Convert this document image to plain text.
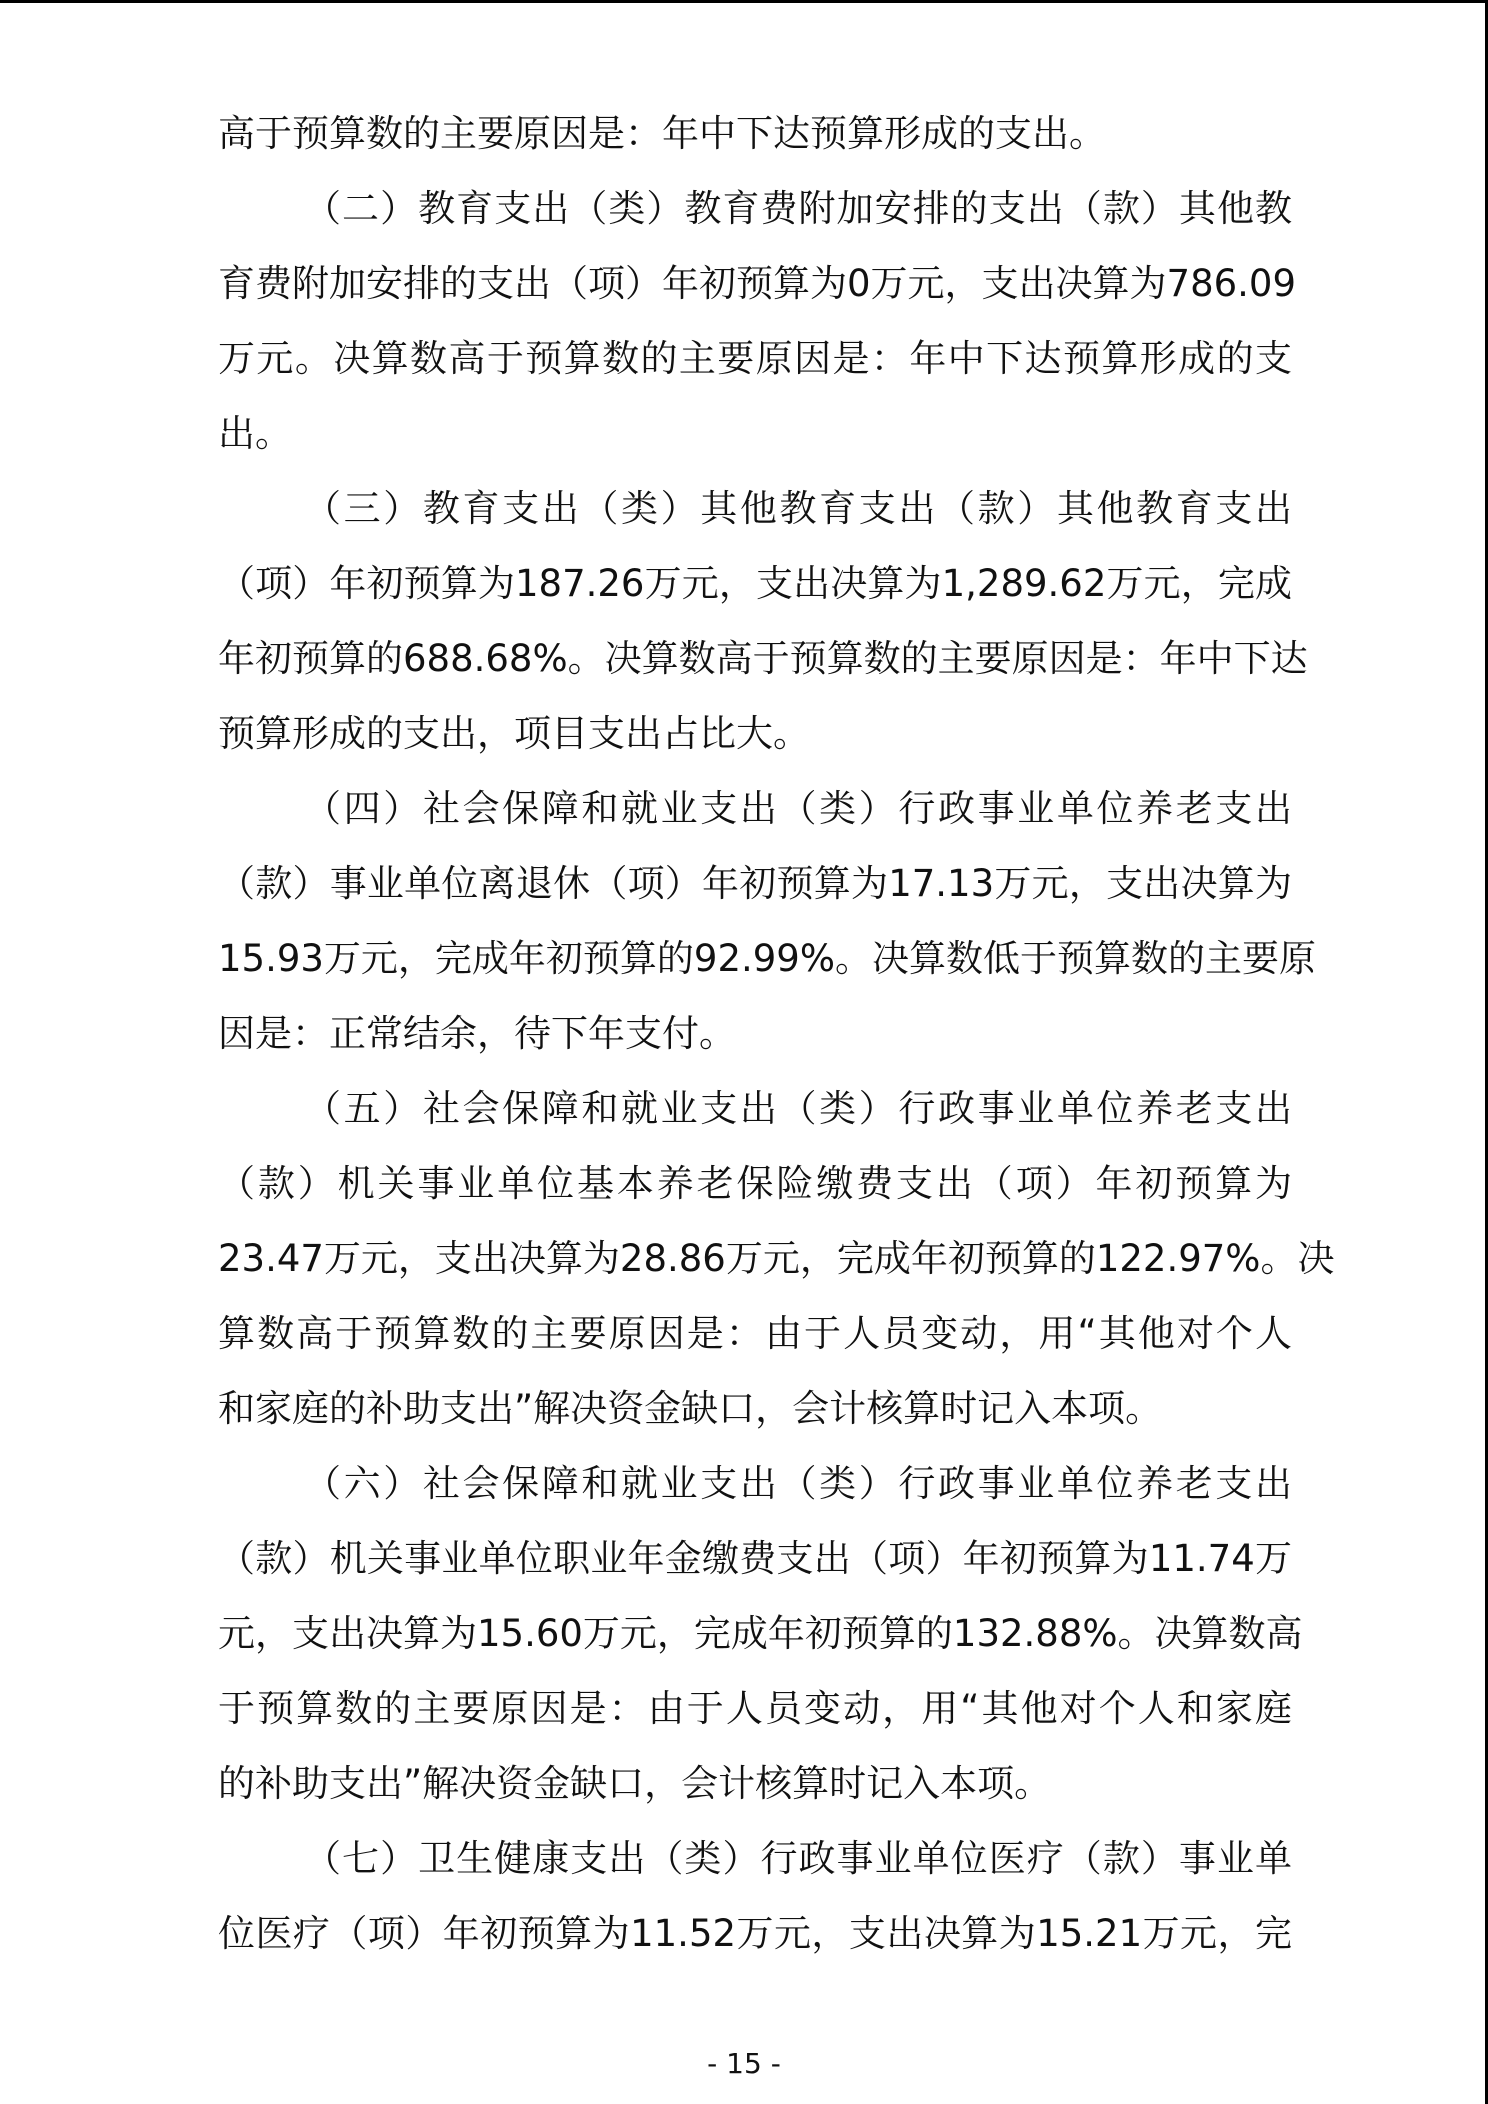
高于预算数的主要原因是：年中下达预算形成的支出。
（二）教育支出（类）教育费附加安排的支出（款）其他教
育费附加安排的支出（项）年初预算为0万元，支出决算为786.09
万元。决算数高于预算数的主要原因是：年中下达预算形成的支
出。
（三）教育支出（类）其他教育支出（款）其他教育支出
（项）年初预算为187.26万元，支出决算为1,289.62万元，完成
年初预算的688.68%。决算数高于预算数的主要原因是：年中下达
预算形成的支出，项目支出占比大。
（四）社会保障和就业支出（类）行政事业单位养老支出
（款）事业单位离退休（项）年初预算为17.13万元，支出决算为
15.93万元，完成年初预算的92.99%。决算数低于预算数的主要原
因是：正常结余，待下年支付。
（五）社会保障和就业支出（类）行政事业单位养老支出
（款）机关事业单位基本养老保险缴费支出（项）年初预算为
23.47万元，支出决算为28.86万元，完成年初预算的122.97%。决
算数高于预算数的主要原因是：由于人员变动，用“其他对个人
和家庭的补助支出”解决资金缺口，会计核算时记入本项。
（六）社会保障和就业支出（类）行政事业单位养老支出
（款）机关事业单位职业年金缴费支出（项）年初预算为11.74万
元，支出决算为15.60万元，完成年初预算的132.88%。决算数高
于预算数的主要原因是：由于人员变动，用“其他对个人和家庭
的补助支出”解决资金缺口，会计核算时记入本项。
（七）卫生健康支出（类）行政事业单位医疗（款）事业单
位医疗（项）年初预算为11.52万元，支出决算为15.21万元，完
- 15 -
